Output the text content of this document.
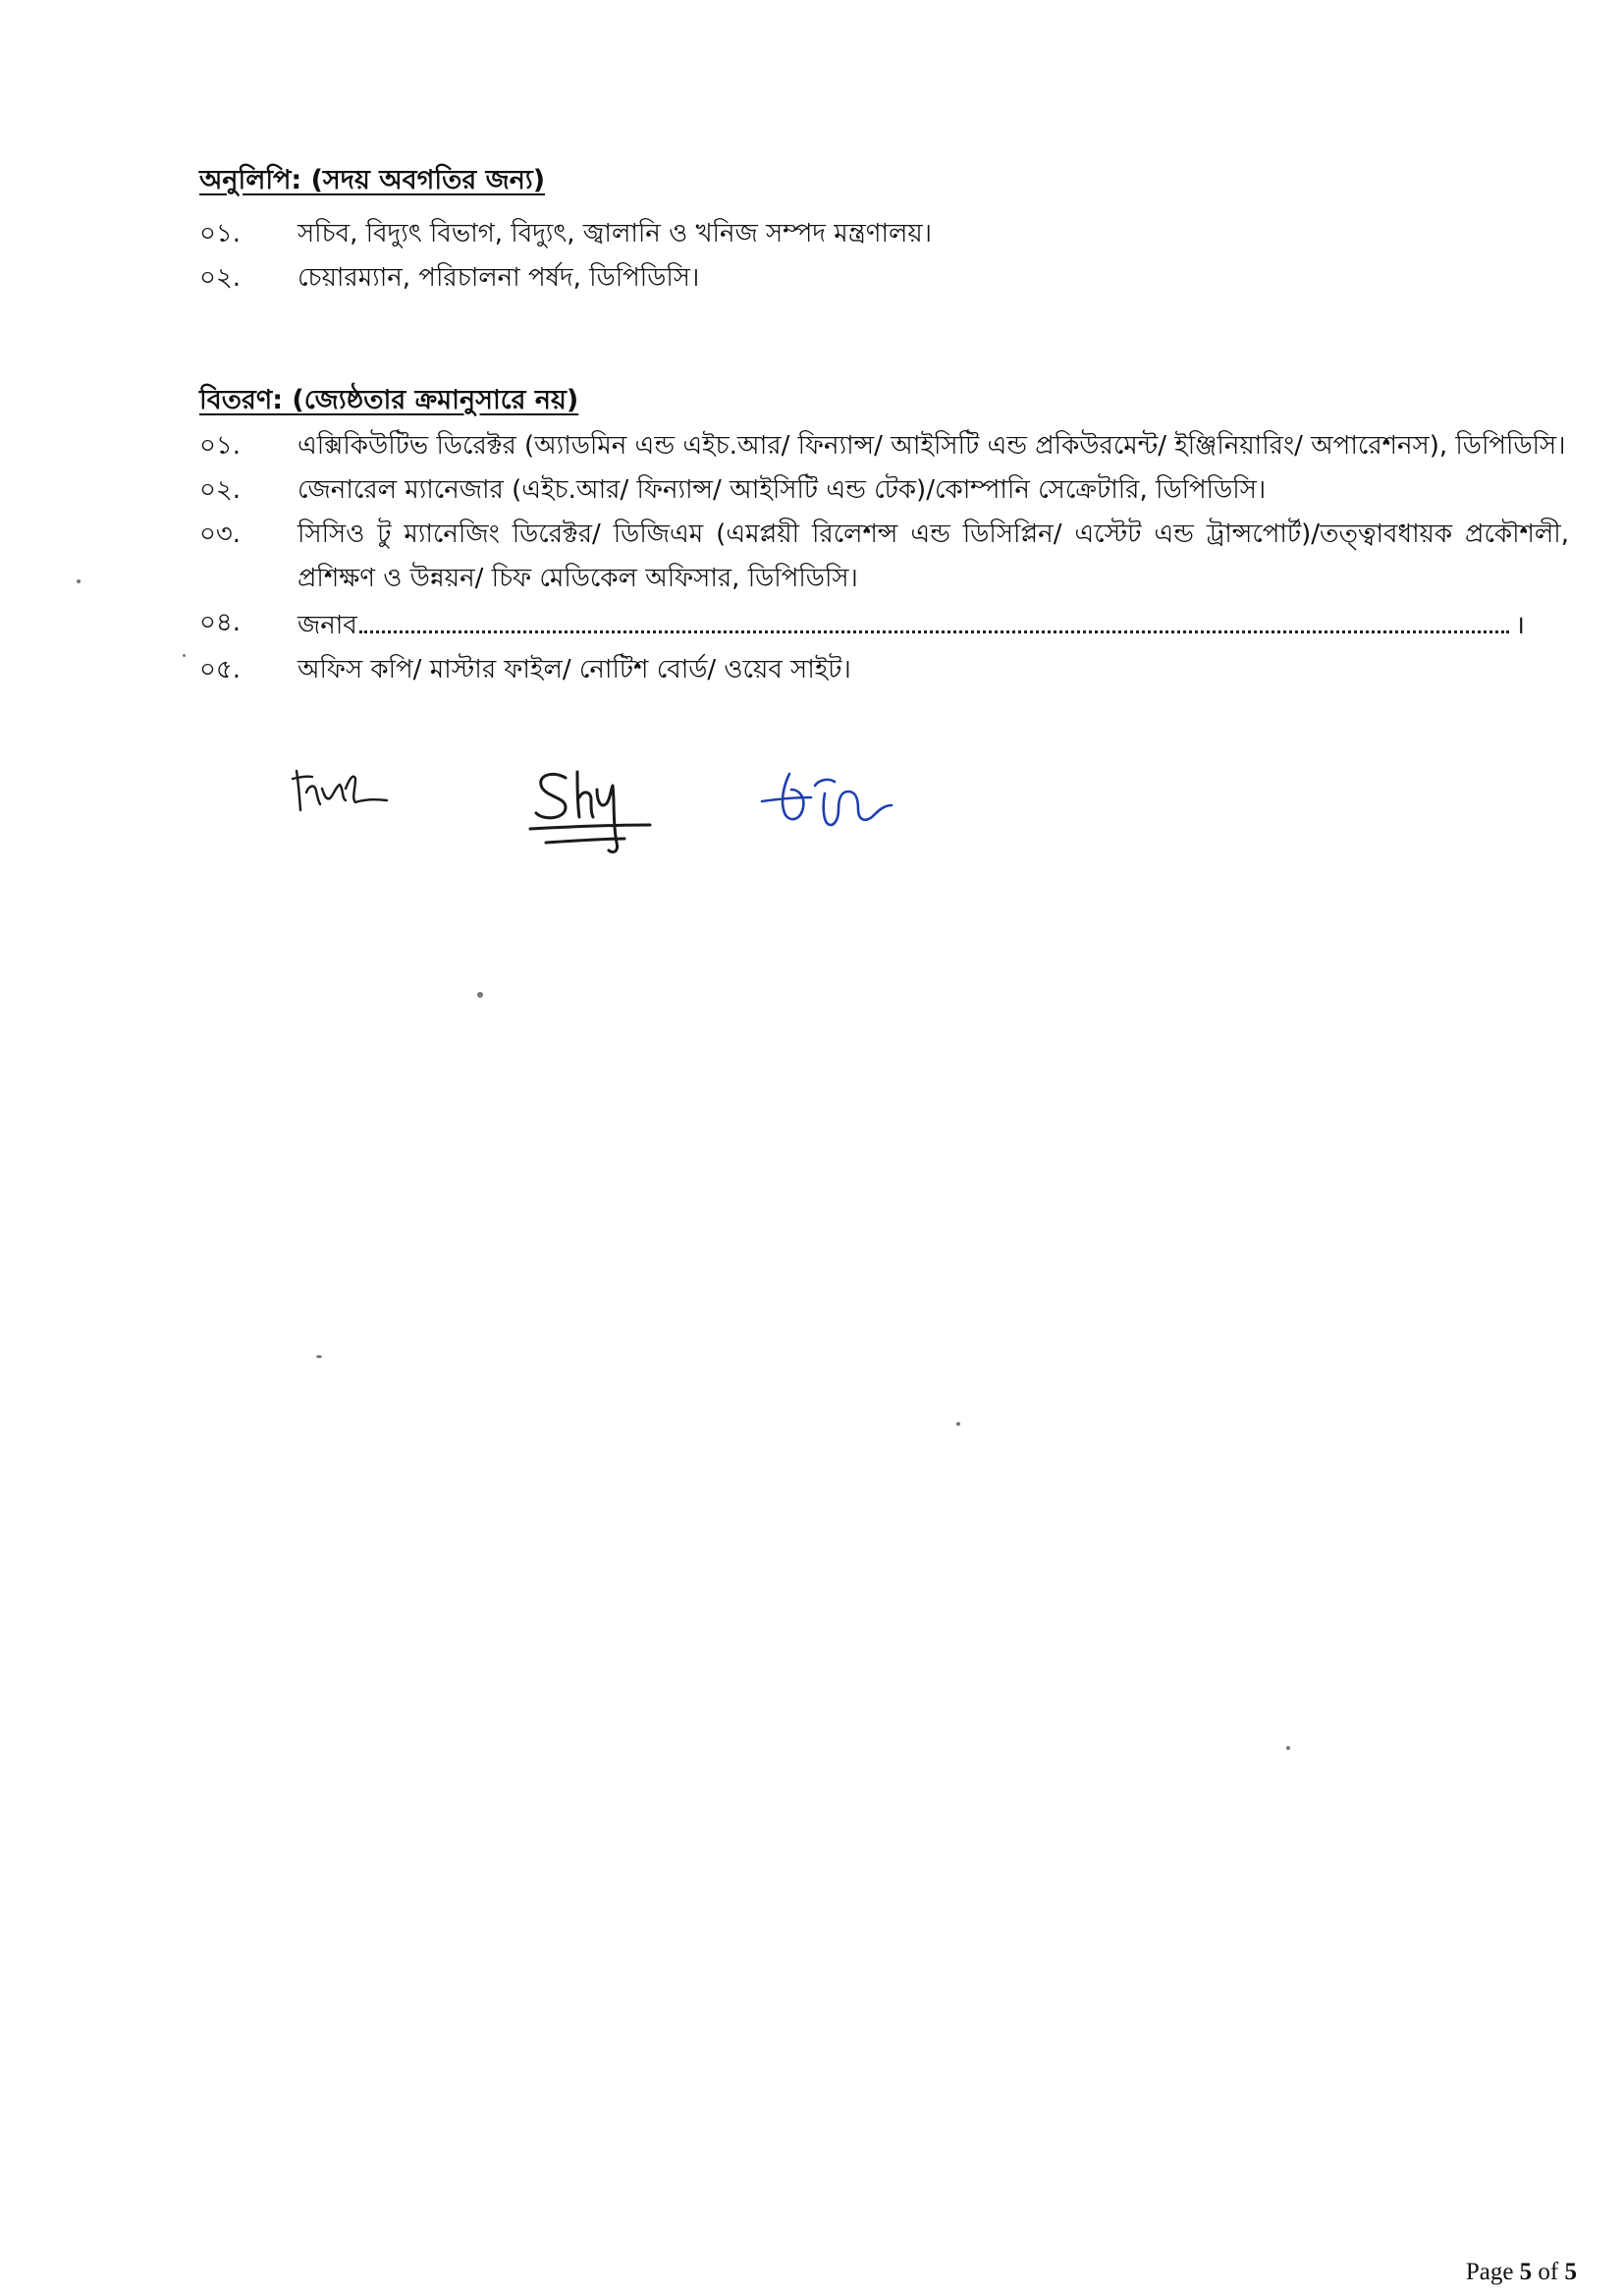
অনুলিপি: (সদয় অবগতির জন্য)
০১.	সচিব, বিদ্যুৎ বিভাগ, বিদ্যুৎ, জ্বালানি ও খনিজ সম্পদ মন্ত্রণালয়।
০২.	চেয়ারম্যান, পরিচালনা পর্ষদ, ডিপিডিসি।
বিতরণ: (জ্যেষ্ঠতার ক্রমানুসারে নয়)
০১.	এক্সিকিউটিভ ডিরেক্টর (অ্যাডমিন এন্ড এইচ.আর/ ফিন্যান্স/ আইসিটি এন্ড প্রকিউরমেন্ট/ ইঞ্জিনিয়ারিং/ অপারেশনস), ডিপিডিসি।
০২.	জেনারেল ম্যানেজার (এইচ.আর/ ফিন্যান্স/ আইসিটি এন্ড টেক)/কোম্পানি সেক্রেটারি, ডিপিডিসি।
০৩.	সিসিও টু ম্যানেজিং ডিরেক্টর/ ডিজিএম (এমপ্লয়ী রিলেশন্স এন্ড ডিসিপ্লিন/ এস্টেট এন্ড ট্রান্সপোর্ট)/তত্ত্বাবধায়ক প্রকৌশলী, প্রশিক্ষণ ও উন্নয়ন/ চিফ মেডিকেল অফিসার, ডিপিডিসি।
০৪.	জনাব	।
০৫.	অফিস কপি/ মাস্টার ফাইল/ নোটিশ বোর্ড/ ওয়েব সাইট।
Page 5 of 5
